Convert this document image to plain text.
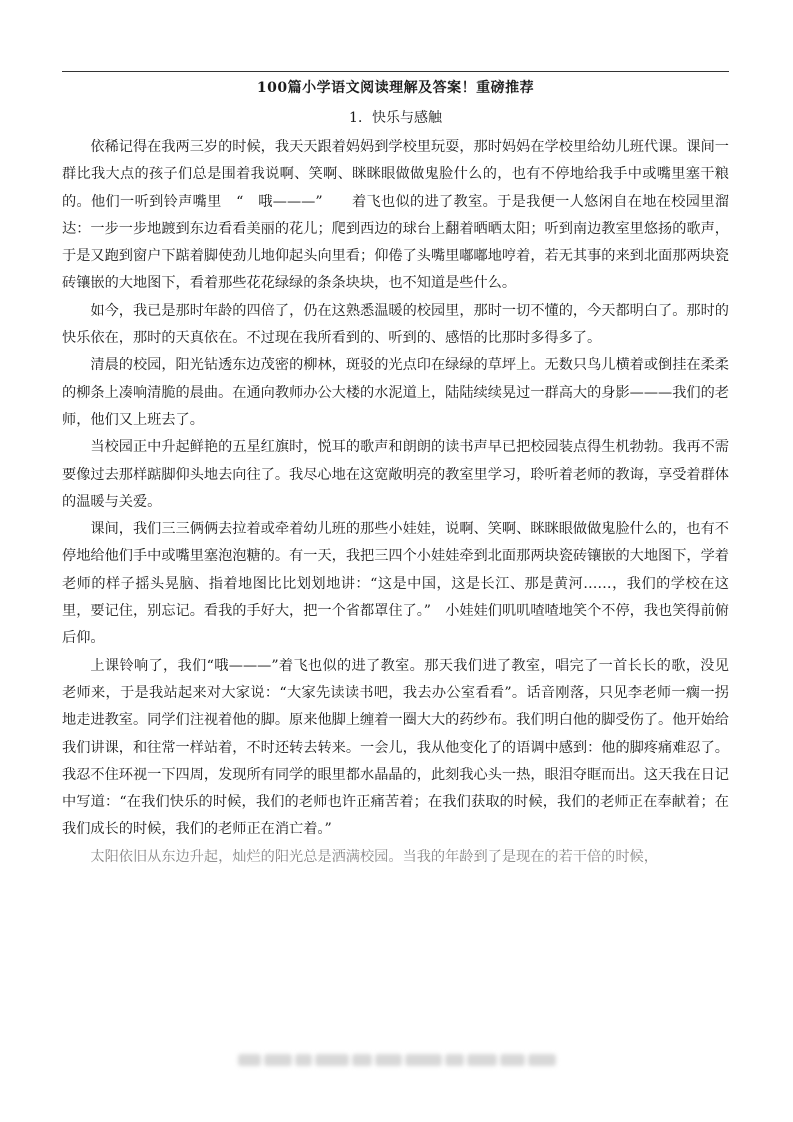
100篇小学语文阅读理解及答案！重磅推荐
1．快乐与感触

依稀记得在我两三岁的时候，我天天跟着妈妈到学校里玩耍，那时妈妈在学校里给幼儿班代课。课间一群比我大点的孩子们总是围着我说啊、笑啊、眯眯眼做做鬼脸什么的，也有不停地给我手中或嘴里塞干粮的。他们一听到铃声嘴里　“　哦———”　　着飞也似的进了教室。于是我便一人悠闲自在地在校园里溜达：一步一步地踱到东边看看美丽的花儿；爬到西边的球台上翻着晒晒太阳；听到南边教室里悠扬的歌声，于是又跑到窗户下踮着脚使劲儿地仰起头向里看；仰倦了头嘴里嘟嘟地哼着，若无其事的来到北面那两块瓷砖镶嵌的大地图下，看着那些花花绿绿的条条块块，也不知道是些什么。

如今，我已是那时年龄的四倍了，仍在这熟悉温暖的校园里，那时一切不懂的，今天都明白了。那时的快乐依在，那时的天真依在。不过现在我所看到的、听到的、感悟的比那时多得多了。

清晨的校园，阳光钻透东边茂密的柳林，斑驳的光点印在绿绿的草坪上。无数只鸟儿横着或倒挂在柔柔的柳条上凑响清脆的晨曲。在通向教师办公大楼的水泥道上，陆陆续续晃过一群高大的身影———我们的老师，他们又上班去了。

当校园正中升起鲜艳的五星红旗时，悦耳的歌声和朗朗的读书声早已把校园装点得生机勃勃。我再不需要像过去那样踮脚仰头地去向往了。我尽心地在这宽敞明亮的教室里学习，聆听着老师的教诲，享受着群体的温暖与关爱。

课间，我们三三俩俩去拉着或牵着幼儿班的那些小娃娃，说啊、笑啊、眯眯眼做做鬼脸什么的，也有不停地给他们手中或嘴里塞泡泡糖的。有一天，我把三四个小娃娃牵到北面那两块瓷砖镶嵌的大地图下，学着老师的样子摇头晃脑、指着地图比比划划地讲：“这是中国，这是长江、那是黄河……，我们的学校在这里，要记住，别忘记。看我的手好大，把一个省都罩住了。”　小娃娃们叽叽喳喳地笑个不停，我也笑得前俯后仰。

上课铃响了，我们“哦———”着飞也似的进了教室。那天我们进了教室，唱完了一首长长的歌，没见老师来，于是我站起来对大家说：“大家先读读书吧，我去办公室看看”。话音刚落，只见李老师一瘸一拐地走进教室。同学们注视着他的脚。原来他脚上缠着一圈大大的药纱布。我们明白他的脚受伤了。他开始给我们讲课，和往常一样站着，不时还转去转来。一会儿，我从他变化了的语调中感到：他的脚疼痛难忍了。我忍不住环视一下四周，发现所有同学的眼里都水晶晶的，此刻我心头一热，眼泪夺眶而出。这天我在日记中写道：“在我们快乐的时候，我们的老师也许正痛苦着；在我们获取的时候，我们的老师正在奉献着；在　我们成长的时候，我们的老师正在消亡着。”

太阳依旧从东边升起，灿烂的阳光总是洒满校园。当我的年龄到了是现在的若干倍的时候，
